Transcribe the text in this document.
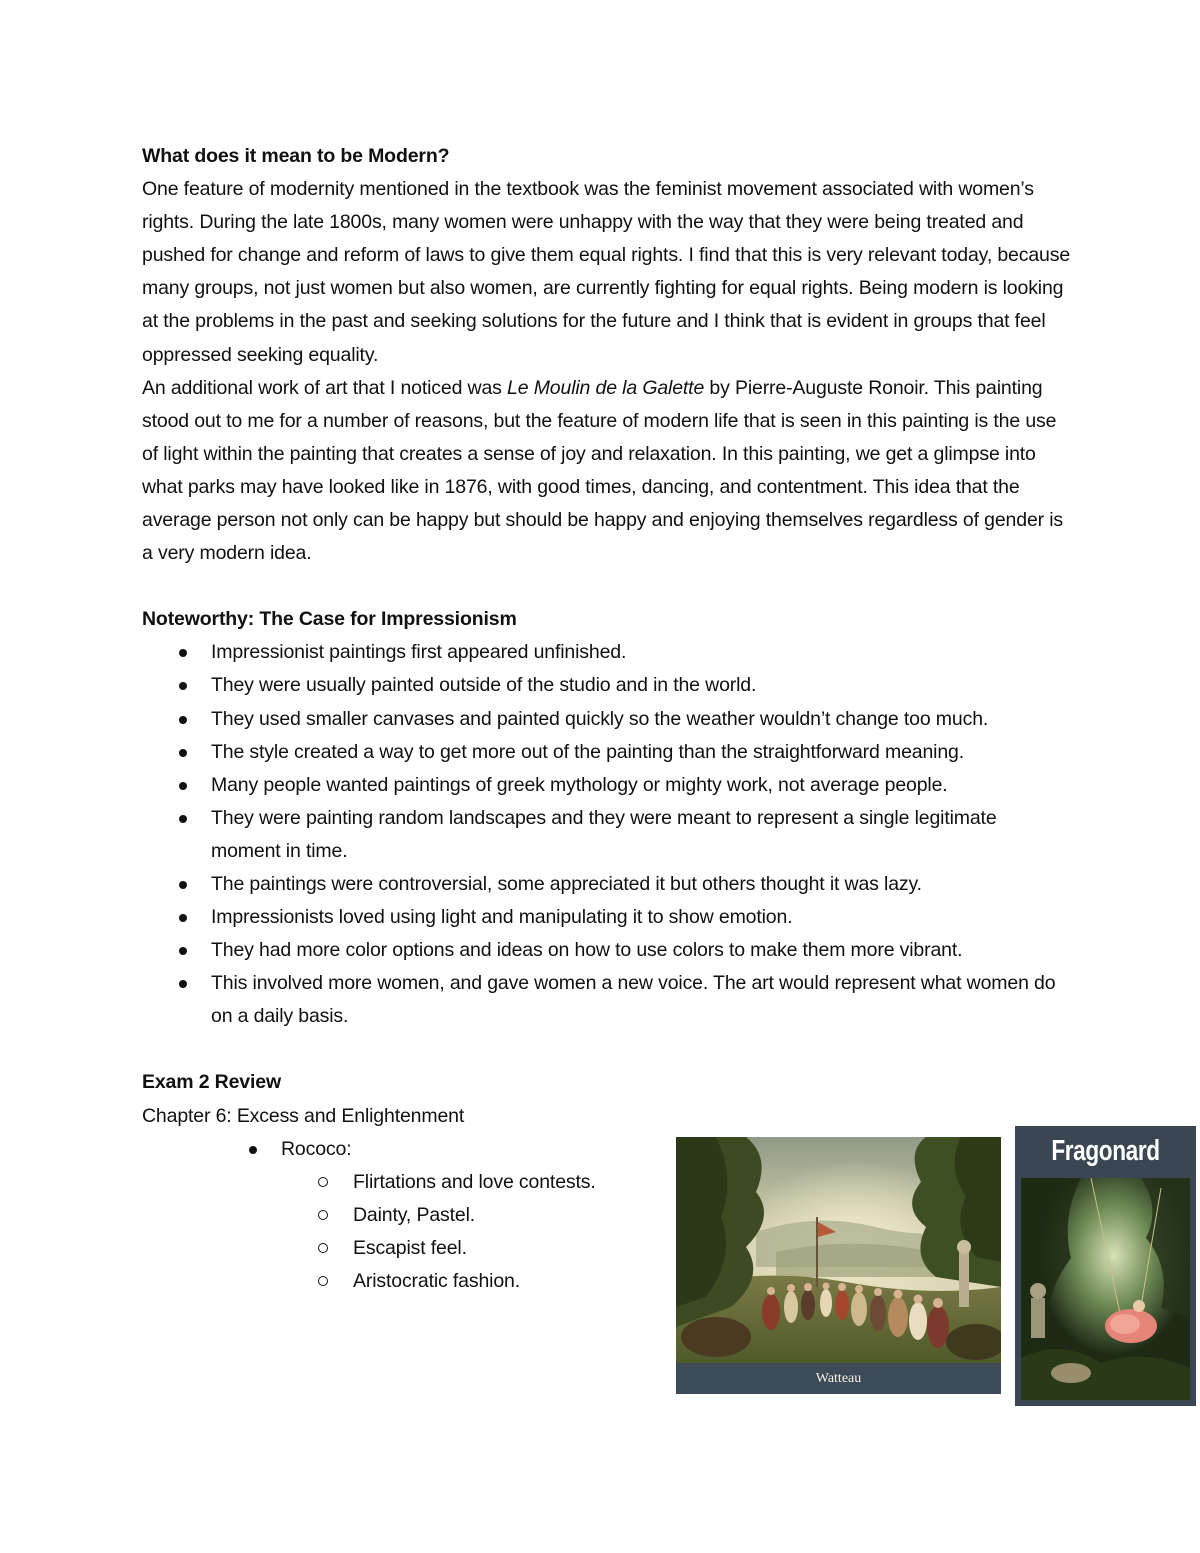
What does it mean to be Modern?

One feature of modernity mentioned in the textbook was the feminist movement associated with women’s rights. During the late 1800s, many women were unhappy with the way that they were being treated and pushed for change and reform of laws to give them equal rights. I find that this is very relevant today, because many groups, not just women but also women, are currently fighting for equal rights. Being modern is looking at the problems in the past and seeking solutions for the future and I think that is evident in groups that feel oppressed seeking equality.

An additional work of art that I noticed was Le Moulin de la Galette by Pierre-Auguste Ronoir. This painting stood out to me for a number of reasons, but the feature of modern life that is seen in this painting is the use of light within the painting that creates a sense of joy and relaxation. In this painting, we get a glimpse into what parks may have looked like in 1876, with good times, dancing, and contentment. This idea that the average person not only can be happy but should be happy and enjoying themselves regardless of gender is a very modern idea.

Noteworthy: The Case for Impressionism

Impressionist paintings first appeared unfinished.
They were usually painted outside of the studio and in the world.
They used smaller canvases and painted quickly so the weather wouldn’t change too much.
The style created a way to get more out of the painting than the straightforward meaning.
Many people wanted paintings of greek mythology or mighty work, not average people.
They were painting random landscapes and they were meant to represent a single legitimate moment in time.
The paintings were controversial, some appreciated it but others thought it was lazy.
Impressionists loved using light and manipulating it to show emotion.
They had more color options and ideas on how to use colors to make them more vibrant.
This involved more women, and gave women a new voice. The art would represent what women do on a daily basis.

Exam 2 Review

Chapter 6: Excess and Enlightenment

Rococo:
Flirtations and love contests.
Dainty, Pastel.
Escapist feel.
Aristocratic fashion.
Watteau
Fragonard
